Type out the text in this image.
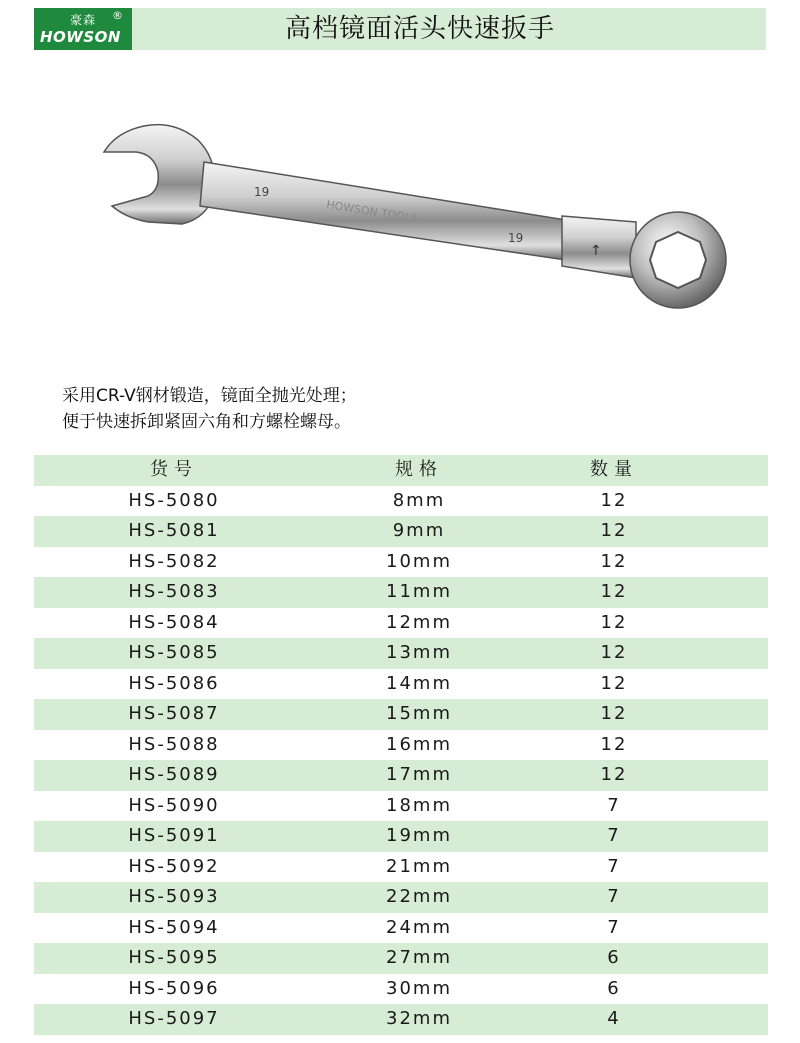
豪森 ®
HOWSON	高档镜面活头快速扳手
19
HOWSON TOOLS
19
↑
采用CR-V钢材锻造，镜面全抛光处理；
便于快速拆卸紧固六角和方螺栓螺母。
货号	规格	数量
HS-5080	8mm	12
HS-5081	9mm	12
HS-5082	10mm	12
HS-5083	11mm	12
HS-5084	12mm	12
HS-5085	13mm	12
HS-5086	14mm	12
HS-5087	15mm	12
HS-5088	16mm	12
HS-5089	17mm	12
HS-5090	18mm	7
HS-5091	19mm	7
HS-5092	21mm	7
HS-5093	22mm	7
HS-5094	24mm	7
HS-5095	27mm	6
HS-5096	30mm	6
HS-5097	32mm	4
